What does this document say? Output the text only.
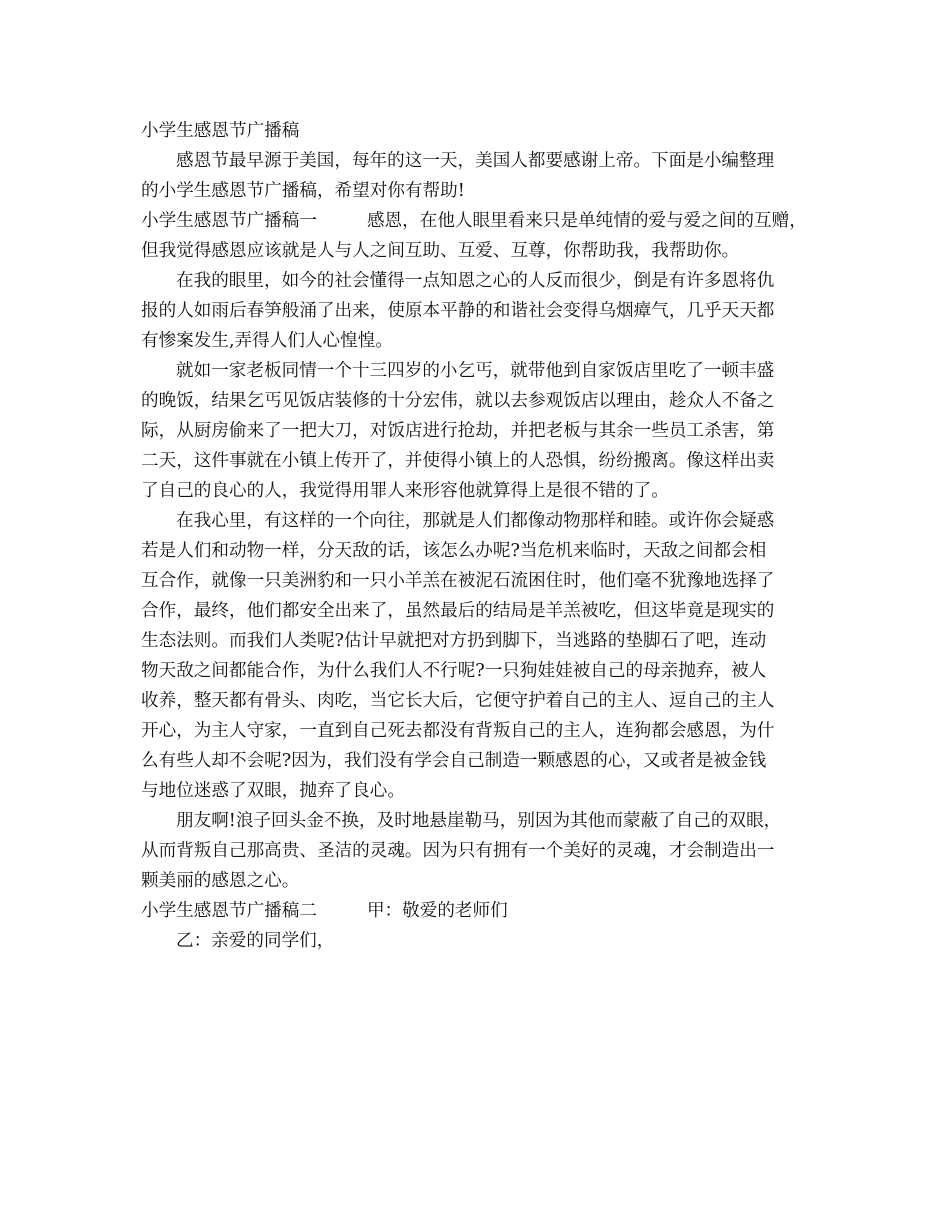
小学生感恩节广播稿

感恩节最早源于美国，每年的这一天，美国人都要感谢上帝。下面是小编整理

的小学生感恩节广播稿，希望对你有帮助!

小学生感恩节广播稿一	感恩，在他人眼里看来只是单纯情的爱与爱之间的互赠，

但我觉得感恩应该就是人与人之间互助、互爱、互尊，你帮助我，我帮助你。

在我的眼里，如今的社会懂得一点知恩之心的人反而很少，倒是有许多恩将仇

报的人如雨后春笋般涌了出来，使原本平静的和谐社会变得乌烟瘴气，几乎天天都

有惨案发生,弄得人们人心惶惶。

就如一家老板同情一个十三四岁的小乞丐，就带他到自家饭店里吃了一顿丰盛

的晚饭，结果乞丐见饭店装修的十分宏伟，就以去参观饭店以理由，趁众人不备之

际，从厨房偷来了一把大刀，对饭店进行抢劫，并把老板与其余一些员工杀害，第

二天，这件事就在小镇上传开了，并使得小镇上的人恐惧，纷纷搬离。像这样出卖

了自己的良心的人，我觉得用罪人来形容他就算得上是很不错的了。

在我心里，有这样的一个向往，那就是人们都像动物那样和睦。或许你会疑惑

若是人们和动物一样，分天敌的话，该怎么办呢?当危机来临时，天敌之间都会相

互合作，就像一只美洲豹和一只小羊羔在被泥石流困住时，他们毫不犹豫地选择了

合作，最终，他们都安全出来了，虽然最后的结局是羊羔被吃，但这毕竟是现实的

生态法则。而我们人类呢?估计早就把对方扔到脚下，当逃路的垫脚石了吧，连动

物天敌之间都能合作，为什么我们人不行呢?一只狗娃娃被自己的母亲抛弃，被人

收养，整天都有骨头、肉吃，当它长大后，它便守护着自己的主人、逗自己的主人

开心，为主人守家，一直到自己死去都没有背叛自己的主人，连狗都会感恩，为什

么有些人却不会呢?因为，我们没有学会自己制造一颗感恩的心，又或者是被金钱

与地位迷惑了双眼，抛弃了良心。

朋友啊!浪子回头金不换，及时地悬崖勒马，别因为其他而蒙蔽了自己的双眼，

从而背叛自己那高贵、圣洁的灵魂。因为只有拥有一个美好的灵魂，才会制造出一

颗美丽的感恩之心。

小学生感恩节广播稿二	甲：敬爱的老师们

乙：亲爱的同学们，
